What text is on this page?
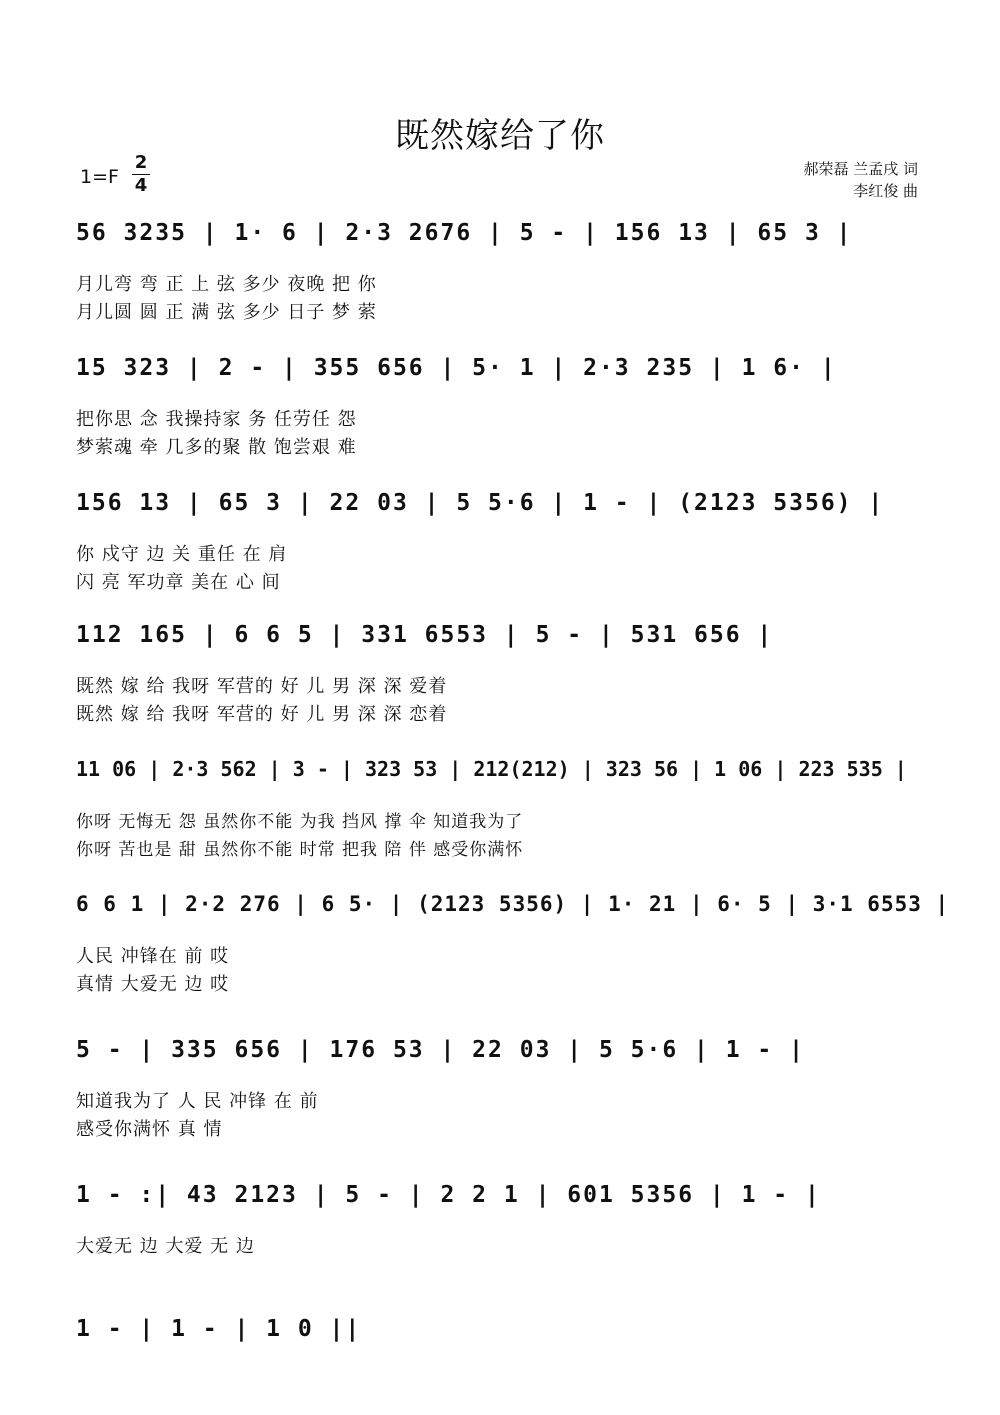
既然嫁给了你
$1=F \frac{2}{4}$	郝荣磊 兰孟戌 词
李红俊 曲
56 3235 | 1· 6 | 2·3 2676 | 5 - | 156 13 | 65 3 |
月儿弯 弯 正 上 弦 多少 夜晚 把 你
月儿圆 圆 正 满 弦 多少 日子 梦 萦
15 323 | 2 - | 355 656 | 5· 1 | 2·3 235 | 1 6· |
把你思 念 我操持家 务 任劳任 怨
梦萦魂 牵 几多的聚 散 饱尝艰 难
156 13 | 65 3 | 22 03 | 5 5·6 | 1 - | (2123 5356) |
你 戍守 边 关 重任 在 肩
闪 亮 军功章 美在 心 间
112 165 | 6 6 5 | 331 6553 | 5 - | 531 656 |
既然 嫁 给 我呀 军营的 好 儿 男 深 深 爱着
既然 嫁 给 我呀 军营的 好 儿 男 深 深 恋着
11 06 | 2·3 562 | 3 - | 323 53 | 212(212) | 323 56 | 1 06 | 223 535 |
你呀 无悔无 怨 虽然你不能 为我 挡风 撑 伞 知道我为了
你呀 苦也是 甜 虽然你不能 时常 把我 陪 伴 感受你满怀
6 6 1 | 2·2 276 | 6 5· | (2123 5356) | 1· 21 | 6· 5 | 3·1 6553 |
人民 冲锋在 前 哎
真情 大爱无 边 哎
5 - | 335 656 | 176 53 | 22 03 | 5 5·6 | 1 - |
知道我为了 人 民 冲锋 在 前
感受你满怀 真 情
1 - :| 43 2123 | 5 - | 2 2 1 | 601 5356 | 1 - |
大爱无 边 大爱 无 边
1 - | 1 - | 1 0 ||
